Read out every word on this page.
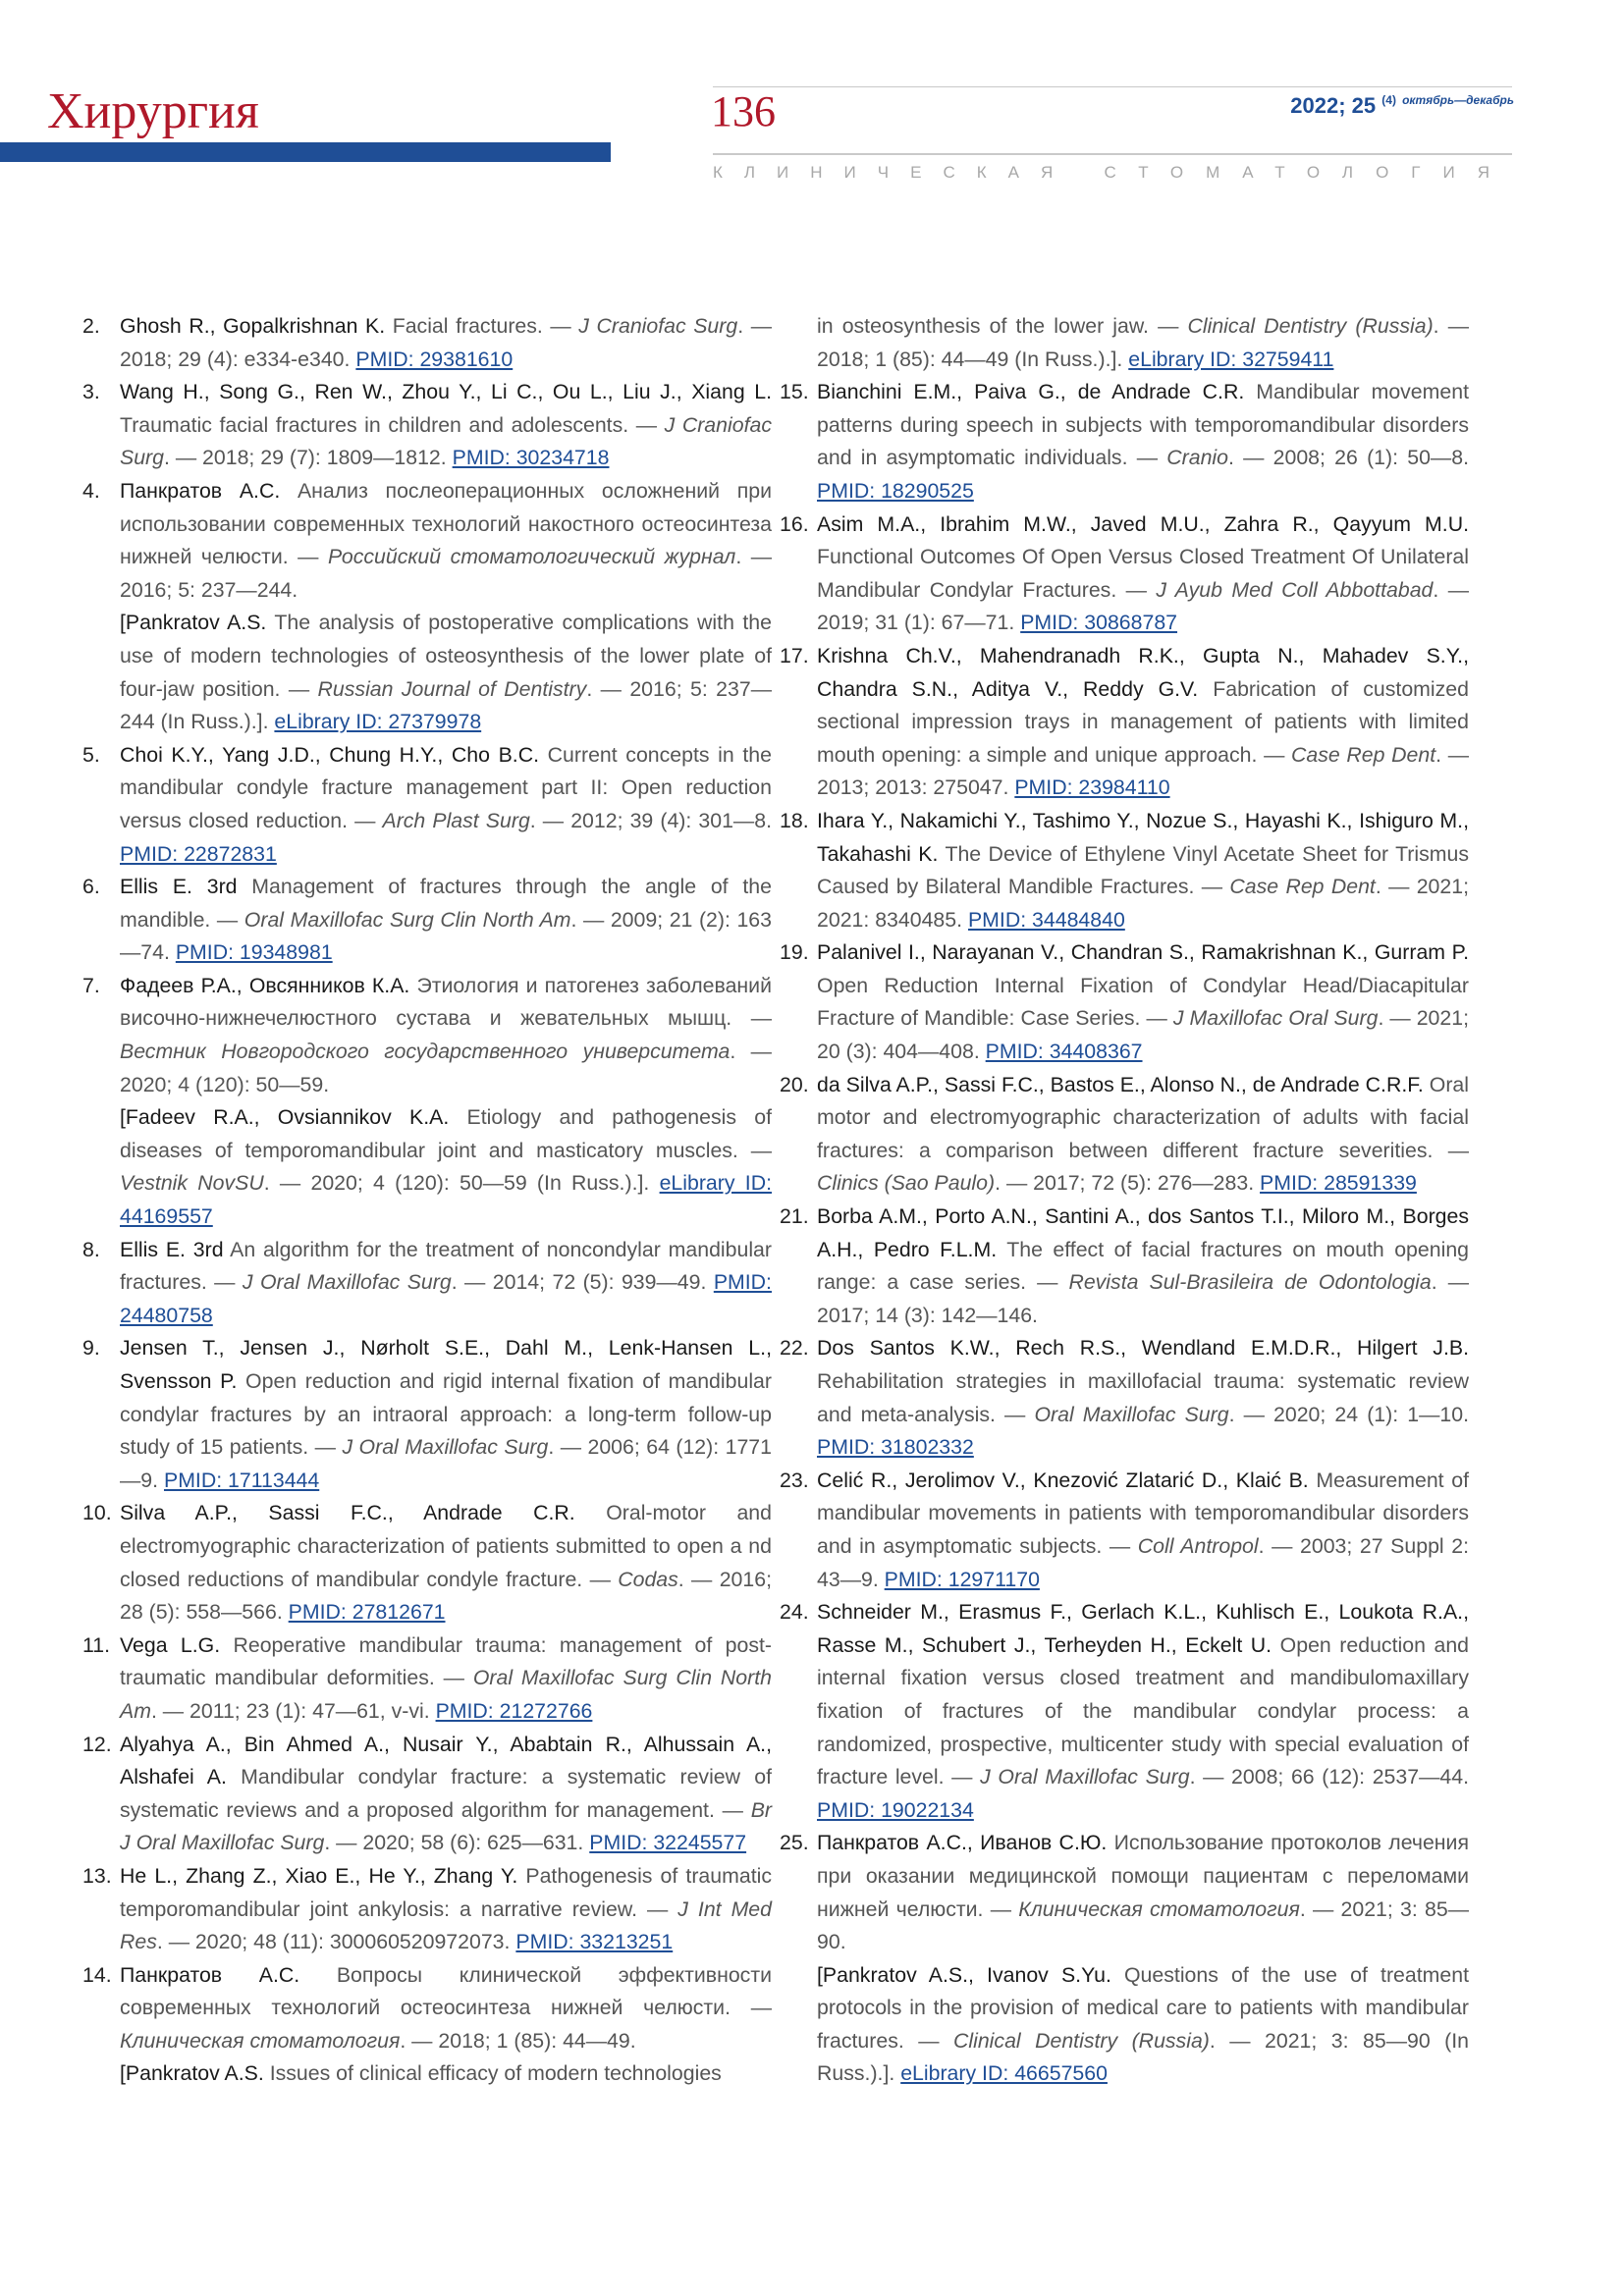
Хирургия	136	2022; 25 $^{(4)}$ $^{октябрь—декабрь}$
КЛИНИЧЕСКАЯ СТОМАТОЛОГИЯ
2. Ghosh R., Gopalkrishnan K. Facial fractures. — J Craniofac Surg. — 2018; 29 (4): e334-e340. PMID: 29381610
3. Wang H., Song G., Ren W., Zhou Y., Li C., Ou L., Liu J., Xiang L. Traumatic facial fractures in children and adolescents. — J Craniofac Surg. — 2018; 29 (7): 1809—1812. PMID: 30234718
4. Панкратов А.С. Анализ послеоперационных осложнений при использовании современных технологий накостного остеосинтеза нижней челюсти. — Российский стоматологический журнал. — 2016; 5: 237—244.
[Pankratov A.S. The analysis of postoperative complications with the use of modern technologies of osteosynthesis of the lower plate of four-jaw position. — Russian Journal of Dentistry. — 2016; 5: 237—244 (In Russ.).]. eLibrary ID: 27379978
5. Choi K.Y., Yang J.D., Chung H.Y., Cho B.C. Current concepts in the mandibular condyle fracture management part II: Open reduction versus closed reduction. — Arch Plast Surg. — 2012; 39 (4): 301—8. PMID: 22872831
6. Ellis E. 3rd Management of fractures through the angle of the mandible. — Oral Maxillofac Surg Clin North Am. — 2009; 21 (2): 163—74. PMID: 19348981
7. Фадеев Р.А., Овсянников К.А. Этиология и патогенез заболеваний височно-нижнечелюстного сустава и жевательных мышц. — Вестник Новгородского государственного университета. — 2020; 4 (120): 50—59.
[Fadeev R.A., Ovsiannikov K.A. Etiology and pathogenesis of diseases of temporomandibular joint and masticatory muscles. — Vestnik NovSU. — 2020; 4 (120): 50—59 (In Russ.).]. eLibrary ID: 44169557
8. Ellis E. 3rd An algorithm for the treatment of noncondylar mandibular fractures. — J Oral Maxillofac Surg. — 2014; 72 (5): 939—49. PMID: 24480758
9. Jensen T., Jensen J., Nørholt S.E., Dahl M., Lenk-Hansen L., Svensson P. Open reduction and rigid internal fixation of mandibular condylar fractures by an intraoral approach: a long-term follow-up study of 15 patients. — J Oral Maxillofac Surg. — 2006; 64 (12): 1771—9. PMID: 17113444
10. Silva A.P., Sassi F.C., Andrade C.R. Oral-motor and electromyographic characterization of patients submitted to open a nd closed reductions of mandibular condyle fracture. — Codas. — 2016; 28 (5): 558—566. PMID: 27812671
11. Vega L.G. Reoperative mandibular trauma: management of post-traumatic mandibular deformities. — Oral Maxillofac Surg Clin North Am. — 2011; 23 (1): 47—61, v-vi. PMID: 21272766
12. Alyahya A., Bin Ahmed A., Nusair Y., Ababtain R., Alhussain A., Alshafei A. Mandibular condylar fracture: a systematic review of systematic reviews and a proposed algorithm for management. — Br J Oral Maxillofac Surg. — 2020; 58 (6): 625—631. PMID: 32245577
13. He L., Zhang Z., Xiao E., He Y., Zhang Y. Pathogenesis of traumatic temporomandibular joint ankylosis: a narrative review. — J Int Med Res. — 2020; 48 (11): 300060520972073. PMID: 33213251
14. Панкратов А.С. Вопросы клинической эффективности современных технологий остеосинтеза нижней челюсти. — Клиническая стоматология. — 2018; 1 (85): 44—49.
[Pankratov A.S. Issues of clinical efficacy of modern technologies
in osteosynthesis of the lower jaw. — Clinical Dentistry (Russia). — 2018; 1 (85): 44—49 (In Russ.).]. eLibrary ID: 32759411
15. Bianchini E.M., Paiva G., de Andrade C.R. Mandibular movement patterns during speech in subjects with temporomandibular disorders and in asymptomatic individuals. — Cranio. — 2008; 26 (1): 50—8. PMID: 18290525
16. Asim M.A., Ibrahim M.W., Javed M.U., Zahra R., Qayyum M.U. Functional Outcomes Of Open Versus Closed Treatment Of Unilateral Mandibular Condylar Fractures. — J Ayub Med Coll Abbottabad. — 2019; 31 (1): 67—71. PMID: 30868787
17. Krishna Ch.V., Mahendranadh R.K., Gupta N., Mahadev S.Y., Chandra S.N., Aditya V., Reddy G.V. Fabrication of customized sectional impression trays in management of patients with limited mouth opening: a simple and unique approach. — Case Rep Dent. — 2013; 2013: 275047. PMID: 23984110
18. Ihara Y., Nakamichi Y., Tashimo Y., Nozue S., Hayashi K., Ishiguro M., Takahashi K. The Device of Ethylene Vinyl Acetate Sheet for Trismus Caused by Bilateral Mandible Fractures. — Case Rep Dent. — 2021; 2021: 8340485. PMID: 34484840
19. Palanivel I., Narayanan V., Chandran S., Ramakrishnan K., Gurram P. Open Reduction Internal Fixation of Condylar Head/Diacapitular Fracture of Mandible: Case Series. — J Maxillofac Oral Surg. — 2021; 20 (3): 404—408. PMID: 34408367
20. da Silva A.P., Sassi F.C., Bastos E., Alonso N., de Andrade C.R.F. Oral motor and electromyographic characterization of adults with facial fractures: a comparison between different fracture severities. — Clinics (Sao Paulo). — 2017; 72 (5): 276—283. PMID: 28591339
21. Borba A.M., Porto A.N., Santini A., dos Santos T.I., Miloro M., Borges A.H., Pedro F.L.M. The effect of facial fractures on mouth opening range: a case series. — Revista Sul-Brasileira de Odontologia. — 2017; 14 (3): 142—146.
22. Dos Santos K.W., Rech R.S., Wendland E.M.D.R., Hilgert J.B. Rehabilitation strategies in maxillofacial trauma: systematic review and meta-analysis. — Oral Maxillofac Surg. — 2020; 24 (1): 1—10. PMID: 31802332
23. Celić R., Jerolimov V., Knezović Zlatarić D., Klaić B. Measurement of mandibular movements in patients with temporomandibular disorders and in asymptomatic subjects. — Coll Antropol. — 2003; 27 Suppl 2: 43—9. PMID: 12971170
24. Schneider M., Erasmus F., Gerlach K.L., Kuhlisch E., Loukota R.A., Rasse M., Schubert J., Terheyden H., Eckelt U. Open reduction and internal fixation versus closed treatment and mandibulomaxillary fixation of fractures of the mandibular condylar process: a randomized, prospective, multicenter study with special evaluation of fracture level. — J Oral Maxillofac Surg. — 2008; 66 (12): 2537—44. PMID: 19022134
25. Панкратов А.С., Иванов С.Ю. Использование протоколов лечения при оказании медицинской помощи пациентам с переломами нижней челюсти. — Клиническая стоматология. — 2021; 3: 85—90.
[Pankratov A.S., Ivanov S.Yu. Questions of the use of treatment protocols in the provision of medical care to patients with mandibular fractures. — Clinical Dentistry (Russia). — 2021; 3: 85—90 (In Russ.).]. eLibrary ID: 46657560
